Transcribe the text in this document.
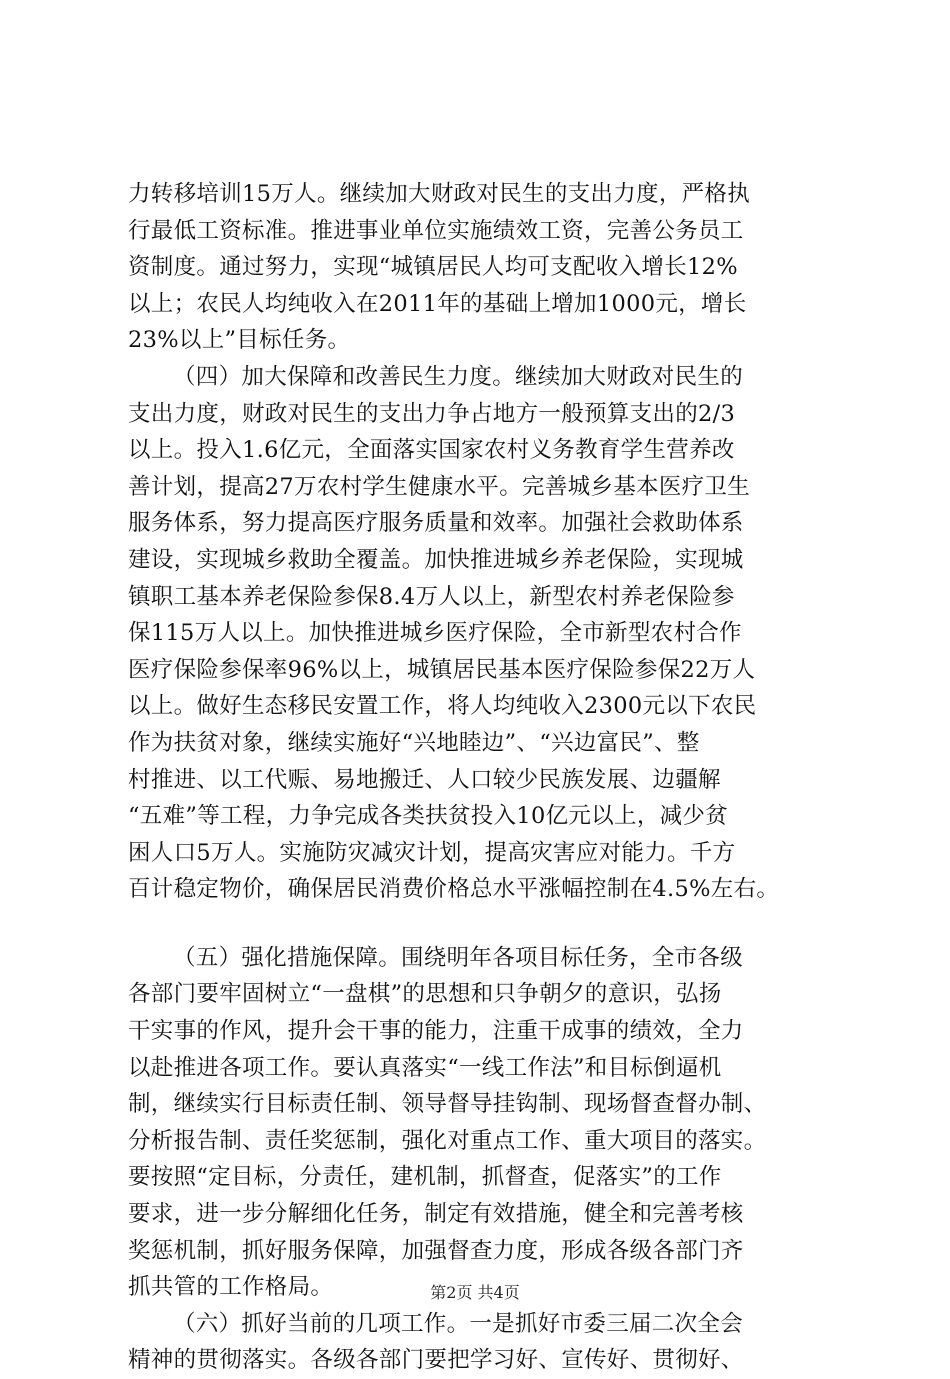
力转移培训15万人。继续加大财政对民生的支出力度，严格执
行最低工资标准。推进事业单位实施绩效工资，完善公务员工
资制度。通过努力，实现“城镇居民人均可支配收入增长12%
以上；农民人均纯收入在2011年的基础上增加1000元，增长
23%以上”目标任务。
（四）加大保障和改善民生力度。继续加大财政对民生的
支出力度，财政对民生的支出力争占地方一般预算支出的2/3
以上。投入1.6亿元，全面落实国家农村义务教育学生营养改
善计划，提高27万农村学生健康水平。完善城乡基本医疗卫生
服务体系，努力提高医疗服务质量和效率。加强社会救助体系
建设，实现城乡救助全覆盖。加快推进城乡养老保险，实现城
镇职工基本养老保险参保8.4万人以上，新型农村养老保险参
保115万人以上。加快推进城乡医疗保险，全市新型农村合作
医疗保险参保率96%以上，城镇居民基本医疗保险参保22万人
以上。做好生态移民安置工作，将人均纯收入2300元以下农民
作为扶贫对象，继续实施好“兴地睦边”、“兴边富民”、整
村推进、以工代赈、易地搬迁、人口较少民族发展、边疆解
“五难”等工程，力争完成各类扶贫投入10亿元以上，减少贫
困人口5万人。实施防灾减灾计划，提高灾害应对能力。千方
百计稳定物价，确保居民消费价格总水平涨幅控制在4.5%左右。
（五）强化措施保障。围绕明年各项目标任务，全市各级
各部门要牢固树立“一盘棋”的思想和只争朝夕的意识，弘扬
干实事的作风，提升会干事的能力，注重干成事的绩效，全力
以赴推进各项工作。要认真落实“一线工作法”和目标倒逼机
制，继续实行目标责任制、领导督导挂钩制、现场督查督办制、
分析报告制、责任奖惩制，强化对重点工作、重大项目的落实。
要按照“定目标，分责任，建机制，抓督查，促落实”的工作
要求，进一步分解细化任务，制定有效措施，健全和完善考核
奖惩机制，抓好服务保障，加强督查力度，形成各级各部门齐
抓共管的工作格局。
（六）抓好当前的几项工作。一是抓好市委三届二次全会
精神的贯彻落实。各级各部门要把学习好、宣传好、贯彻好、
第2页 共4页
